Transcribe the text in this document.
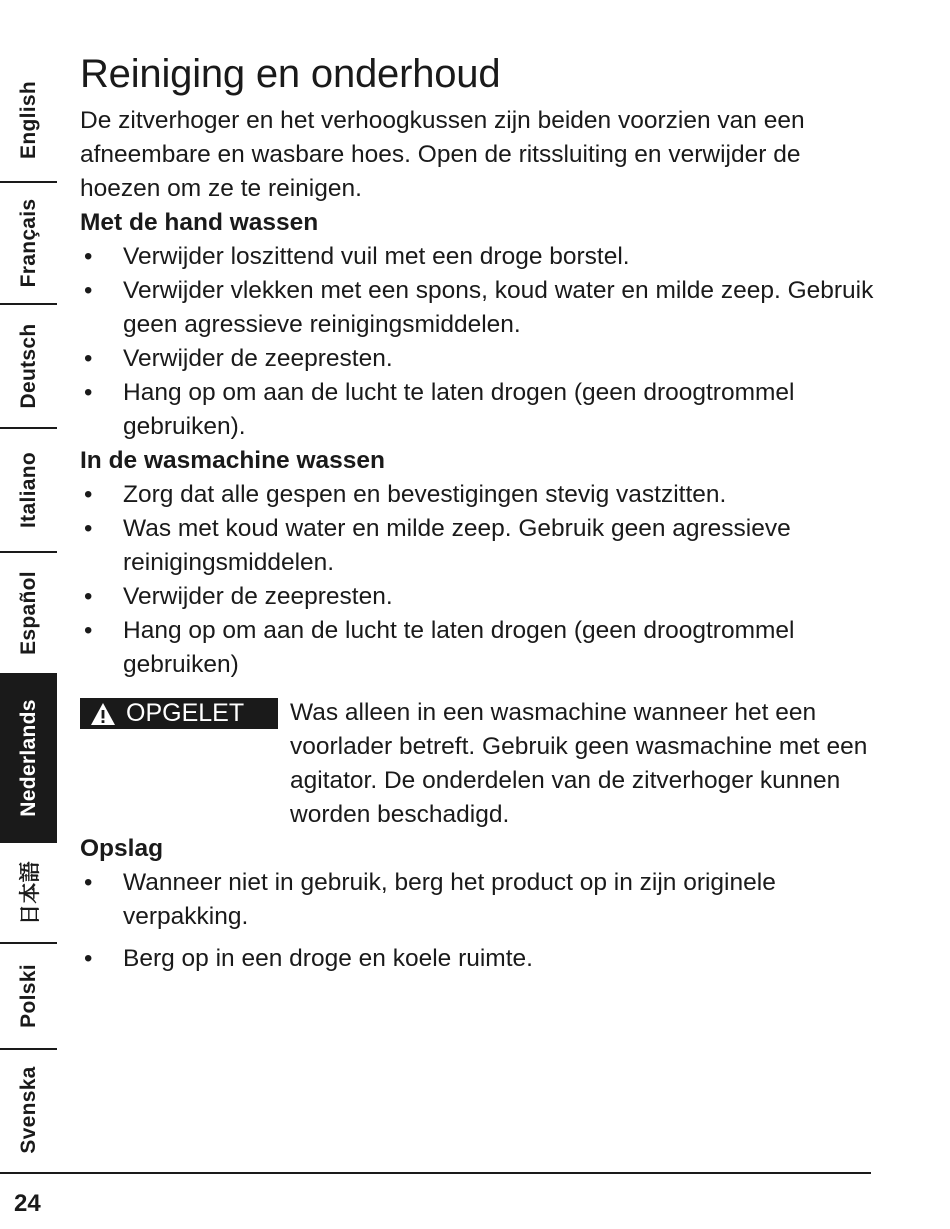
English
Français
Deutsch
Italiano
Español
Nederlands
日本語
Polski
Svenska
Reiniging en onderhoud

De zitverhoger en het verhoogkussen zijn beiden voorzien van een afneembare en wasbare hoes. Open de ritssluiting en verwijder de hoezen om ze te reinigen.

Met de hand wassen
• Verwijder loszittend vuil met een droge borstel.
• Verwijder vlekken met een spons, koud water en milde zeep. Gebruik geen agressieve reinigingsmiddelen.
• Verwijder de zeepresten.
• Hang op om aan de lucht te laten drogen (geen droogtrommel gebruiken).
In de wasmachine wassen
• Zorg dat alle gespen en bevestigingen stevig vastzitten.
• Was met koud water en milde zeep. Gebruik geen agressieve reinigingsmiddelen.
• Verwijder de zeepresten.
• Hang op om aan de lucht te laten drogen (geen droogtrommel gebruiken)
OPGELET Was alleen in een wasmachine wanneer het een voorlader betreft. Gebruik geen wasmachine met een agitator. De onderdelen van de zitverhoger kunnen worden beschadigd.
Opslag
• Wanneer niet in gebruik, berg het product op in zijn originele verpakking.
• Berg op in een droge en koele ruimte.
24
